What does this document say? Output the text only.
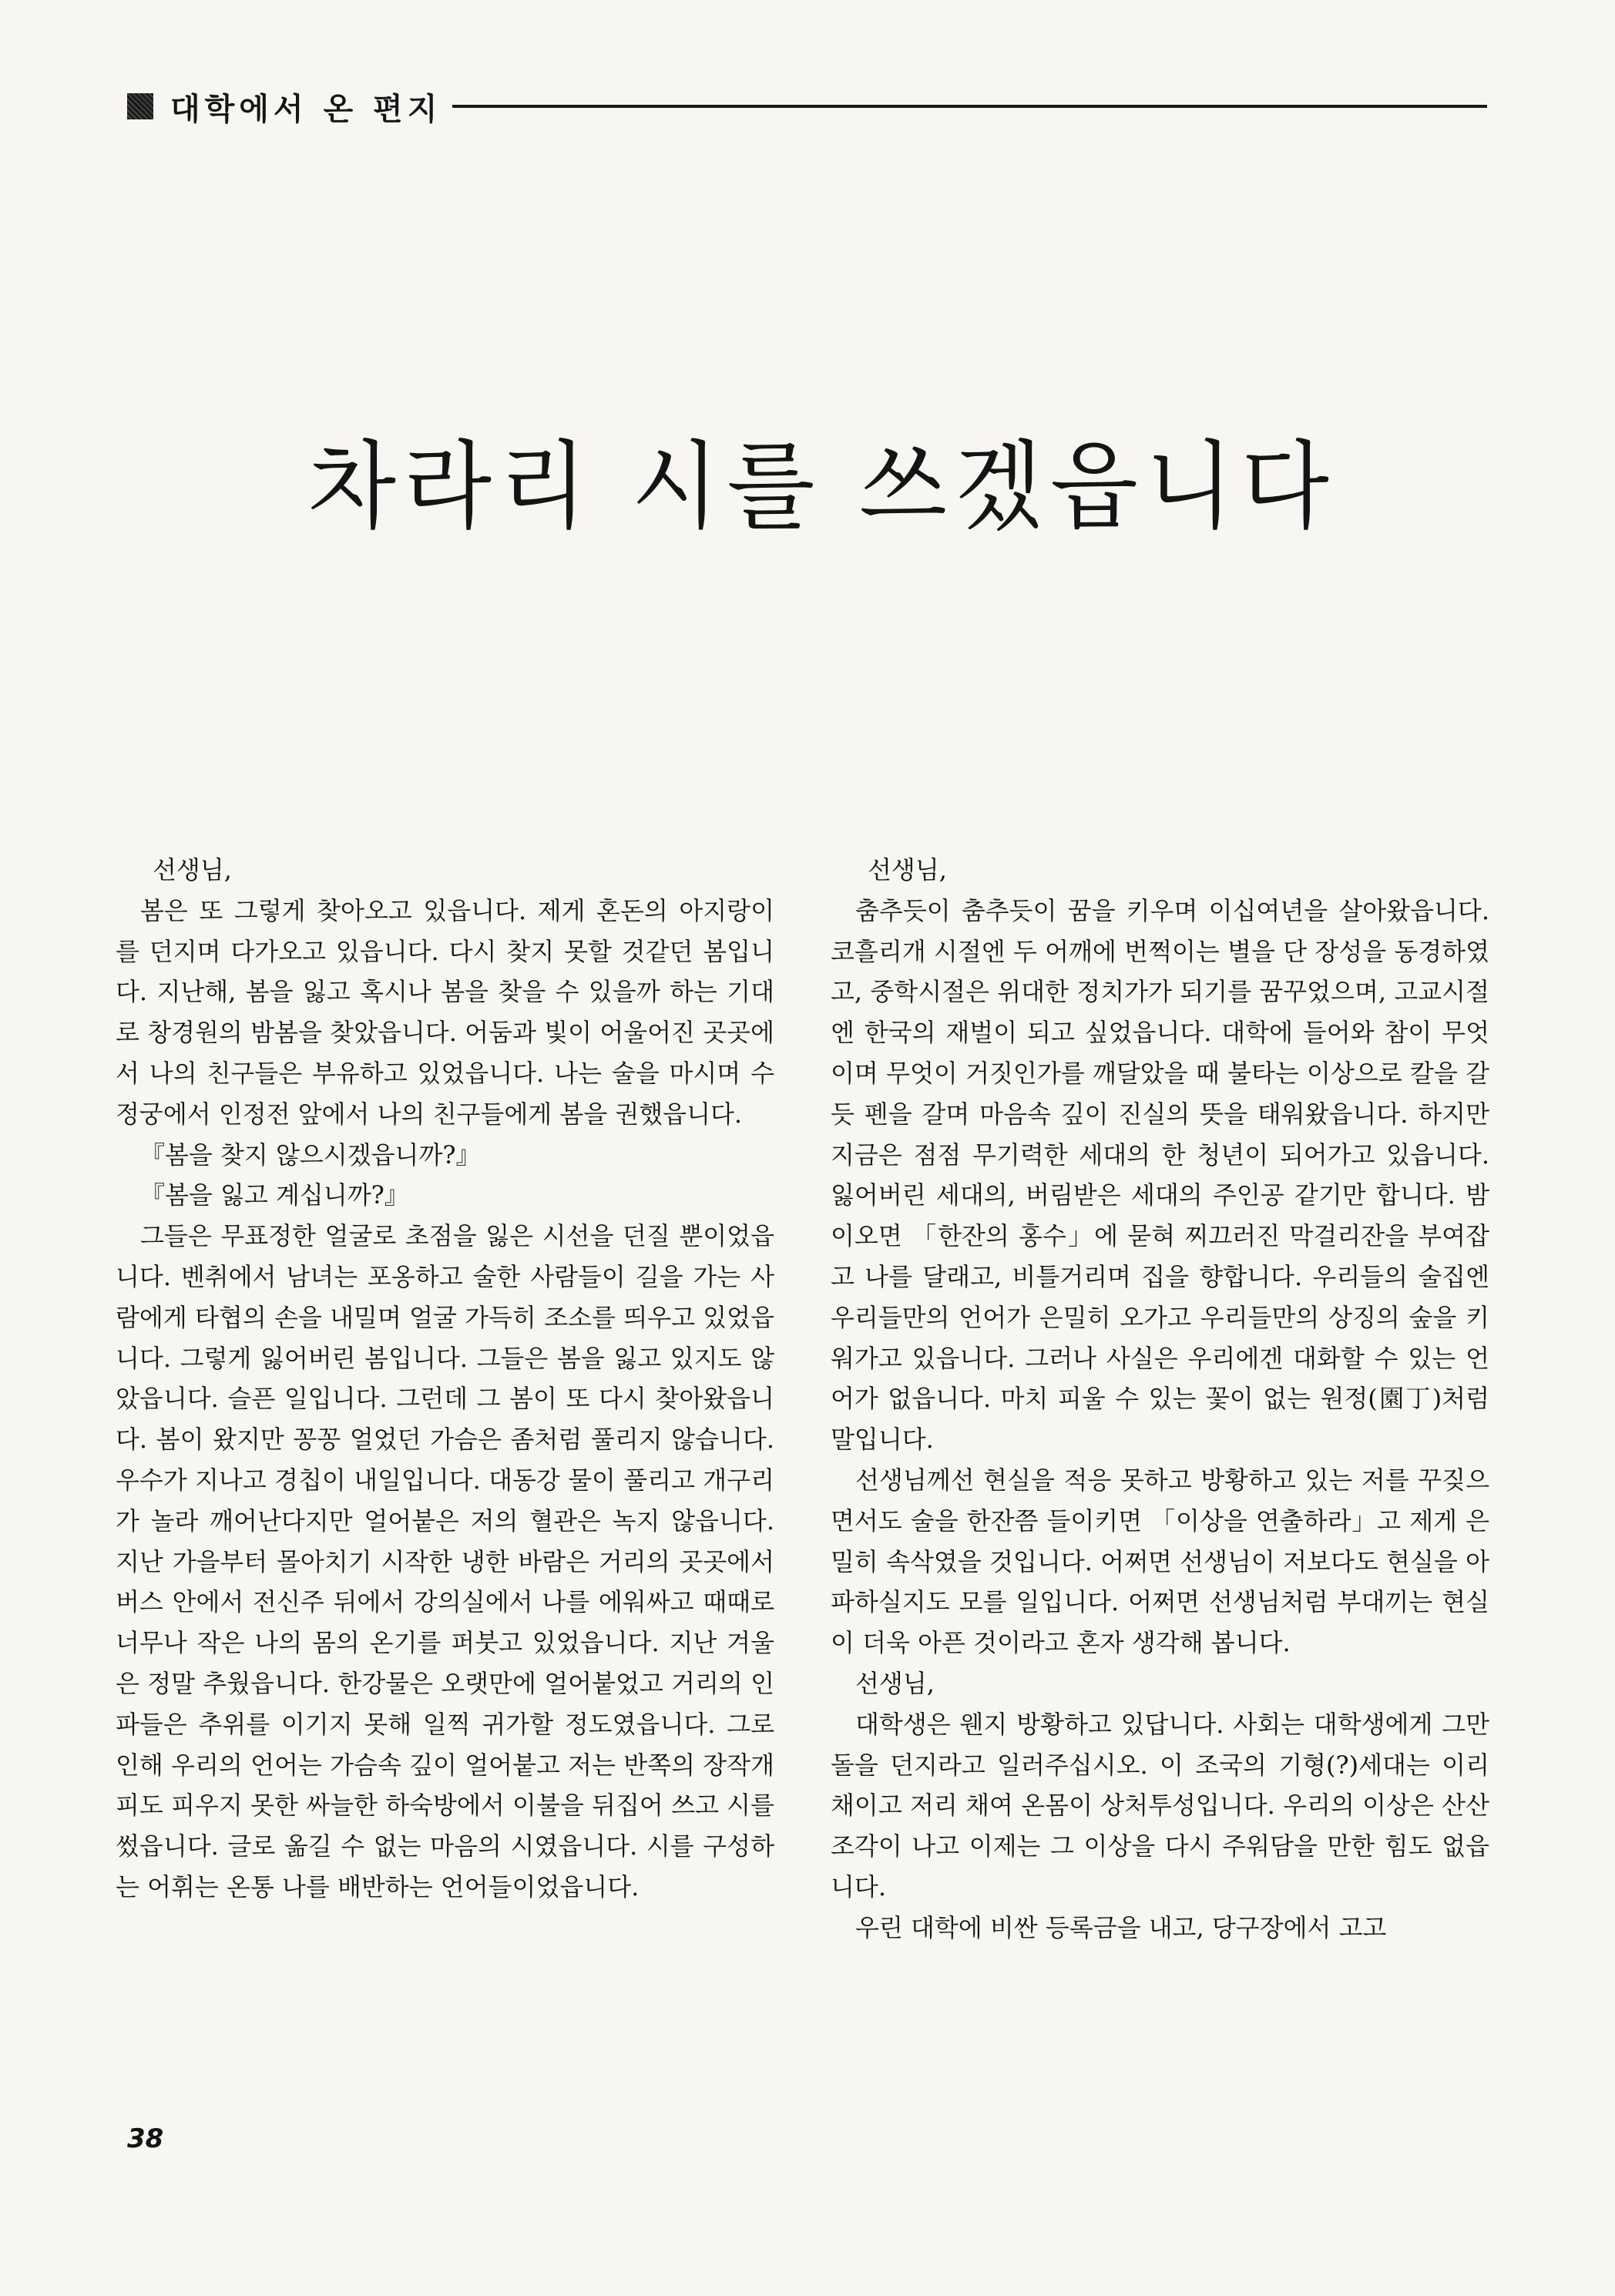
대학에서 온 편지
차라리 시를 쓰겠읍니다

선생님,

봄은 또 그렇게 찾아오고 있읍니다. 제게 혼돈의 아지랑이를 던지며 다가오고 있읍니다. 다시 찾지 못할 것같던 봄입니다. 지난해, 봄을 잃고 혹시나 봄을 찾을 수 있을까 하는 기대로 창경원의 밤봄을 찾았읍니다. 어둠과 빛이 어울어진 곳곳에서 나의 친구들은 부유하고 있었읍니다. 나는 술을 마시며 수정궁에서 인정전 앞에서 나의 친구들에게 봄을 권했읍니다.

『봄을 찾지 않으시겠읍니까?』

『봄을 잃고 계십니까?』

그들은 무표정한 얼굴로 초점을 잃은 시선을 던질 뿐이었읍니다. 벤취에서 남녀는 포옹하고 술한 사람들이 길을 가는 사람에게 타협의 손을 내밀며 얼굴 가득히 조소를 띄우고 있었읍니다. 그렇게 잃어버린 봄입니다. 그들은 봄을 잃고 있지도 않았읍니다. 슬픈 일입니다. 그런데 그 봄이 또 다시 찾아왔읍니다. 봄이 왔지만 꽁꽁 얼었던 가슴은 좀처럼 풀리지 않습니다. 우수가 지나고 경칩이 내일입니다. 대동강 물이 풀리고 개구리가 놀라 깨어난다지만 얼어붙은 저의 혈관은 녹지 않읍니다. 지난 가을부터 몰아치기 시작한 냉한 바람은 거리의 곳곳에서 버스 안에서 전신주 뒤에서 강의실에서 나를 에워싸고 때때로 너무나 작은 나의 몸의 온기를 퍼붓고 있었읍니다. 지난 겨울은 정말 추웠읍니다. 한강물은 오랫만에 얼어붙었고 거리의 인파들은 추위를 이기지 못해 일찍 귀가할 정도였읍니다. 그로 인해 우리의 언어는 가슴속 깊이 얼어붙고 저는 반쪽의 장작개피도 피우지 못한 싸늘한 하숙방에서 이불을 뒤집어 쓰고 시를 썼읍니다. 글로 옮길 수 없는 마음의 시였읍니다. 시를 구성하는 어휘는 온통 나를 배반하는 언어들이었읍니다.

선생님,

춤추듯이 춤추듯이 꿈을 키우며 이십여년을 살아왔읍니다. 코흘리개 시절엔 두 어깨에 번쩍이는 별을 단 장성을 동경하였고, 중학시절은 위대한 정치가가 되기를 꿈꾸었으며, 고교시절엔 한국의 재벌이 되고 싶었읍니다. 대학에 들어와 참이 무엇이며 무엇이 거짓인가를 깨달았을 때 불타는 이상으로 칼을 갈듯 펜을 갈며 마음속 깊이 진실의 뜻을 태워왔읍니다. 하지만 지금은 점점 무기력한 세대의 한 청년이 되어가고 있읍니다. 잃어버린 세대의, 버림받은 세대의 주인공 같기만 합니다. 밤이오면 「한잔의 홍수」에 묻혀 찌끄러진 막걸리잔을 부여잡고 나를 달래고, 비틀거리며 집을 향합니다. 우리들의 술집엔 우리들만의 언어가 은밀히 오가고 우리들만의 상징의 숲을 키워가고 있읍니다. 그러나 사실은 우리에겐 대화할 수 있는 언어가 없읍니다. 마치 피울 수 있는 꽃이 없는 원정(園丁)처럼 말입니다.

선생님께선 현실을 적응 못하고 방황하고 있는 저를 꾸짖으면서도 술을 한잔쯤 들이키면 「이상을 연출하라」고 제게 은밀히 속삭였을 것입니다. 어쩌면 선생님이 저보다도 현실을 아파하실지도 모를 일입니다. 어쩌면 선생님처럼 부대끼는 현실이 더욱 아픈 것이라고 혼자 생각해 봅니다.

선생님,

대학생은 웬지 방황하고 있답니다. 사회는 대학생에게 그만 돌을 던지라고 일러주십시오. 이 조국의 기형(?)세대는 이리 채이고 저리 채여 온몸이 상처투성입니다. 우리의 이상은 산산조각이 나고 이제는 그 이상을 다시 주워담을 만한 힘도 없읍니다.

우린 대학에 비싼 등록금을 내고, 당구장에서 고고

38
